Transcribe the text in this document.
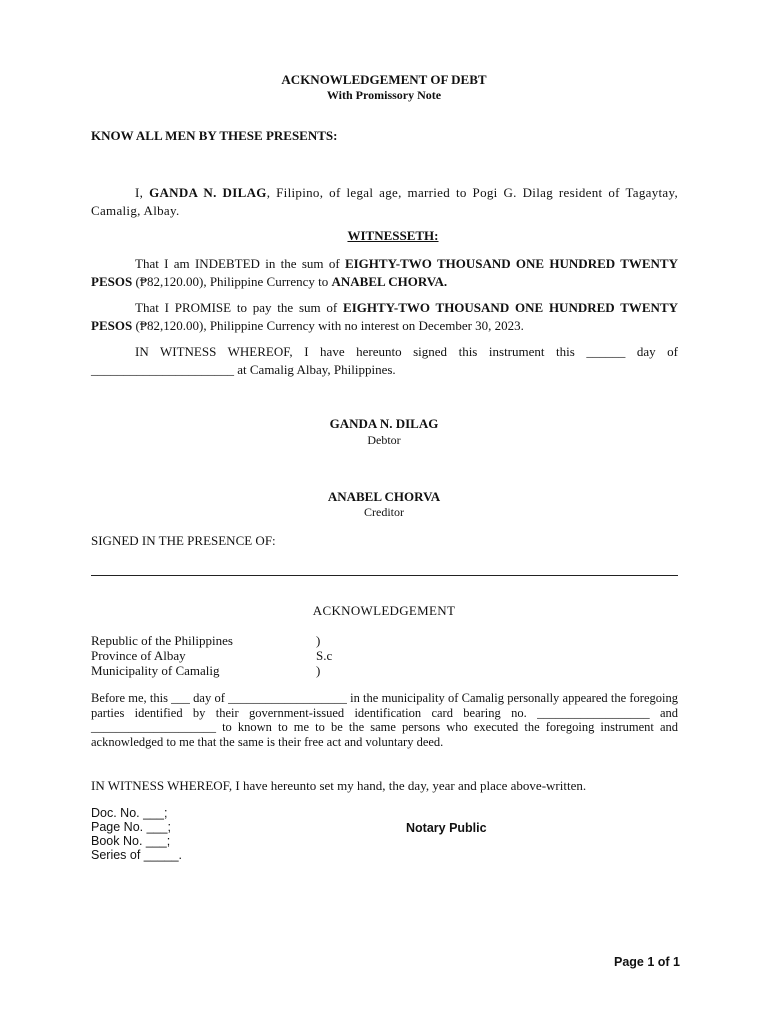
ACKNOWLEDGEMENT OF DEBT
With Promissory Note
KNOW ALL MEN BY THESE PRESENTS:
I, GANDA N. DILAG, Filipino, of legal age, married to Pogi G. Dilag resident of Tagaytay, Camalig, Albay.
WITNESSETH:
That I am INDEBTED in the sum of EIGHTY-TWO THOUSAND ONE HUNDRED TWENTY PESOS (₱82,120.00), Philippine Currency to ANABEL CHORVA.
That I PROMISE to pay the sum of EIGHTY-TWO THOUSAND ONE HUNDRED TWENTY PESOS (₱82,120.00), Philippine Currency with no interest on December 30, 2023.
IN WITNESS WHEREOF, I have hereunto signed this instrument this ______ day of ______________________ at Camalig Albay, Philippines.
GANDA N. DILAG
Debtor
ANABEL CHORVA
Creditor
SIGNED IN THE PRESENCE OF:
ACKNOWLEDGEMENT
Republic of the Philippines	)
Province of Albay	S.c
Municipality of Camalig	)
Before me, this ___ day of ___________________ in the municipality of Camalig personally appeared the foregoing parties identified by their government-issued identification card bearing no. __________________ and ____________________ to known to me to be the same persons who executed the foregoing instrument and acknowledged to me that the same is their free act and voluntary deed.
IN WITNESS WHEREOF, I have hereunto set my hand, the day, year and place above-written.
Doc. No. ___;
Page No. ___;
Book No. ___;
Series of _____.
Notary Public
Page 1 of 1
